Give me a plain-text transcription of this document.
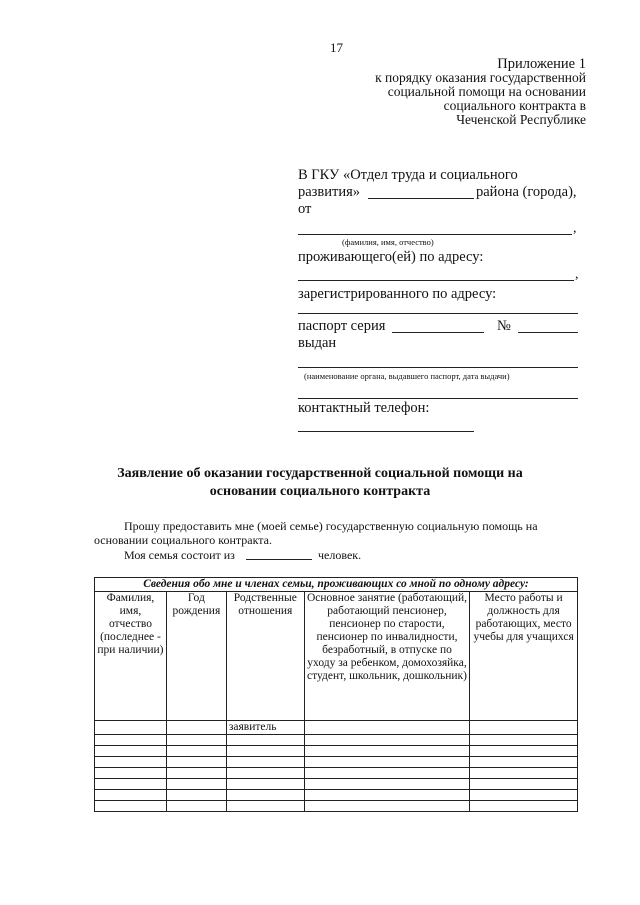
17
Приложение 1
к порядку оказания государственной
социальной помощи на основании
социального контракта в
Чеченской Республике
В ГКУ «Отдел труда и социального
развития»	района (города),
от
,
(фамилия, имя, отчество)
проживающего(ей) по адресу:
,
зарегистрированного по адресу:
паспорт серия	№
выдан
(наименование органа, выдавшего паспорт, дата выдачи)
контактный телефон:
Заявление об оказании государственной социальной помощи на
основании социального контракта
Прошу предоставить мне (моей семье) государственную социальную помощь на
основании социального контракта.
Моя семья состоит из	человек.
Сведения обо мне и членах семьи, проживающих со мной по одному адресу:				
Фамилия, имя, отчество (последнее - при наличии)	Год рождения	Родственные отношения	Основное занятие (работающий, работающий пенсионер, пенсионер по старости, пенсионер по инвалидности, безработный, в отпуске по уходу за ребенком, домохозяйка, студент, школьник, дошкольник)	Место работы и должность для работающих, место учебы для учащихся
		заявитель		
